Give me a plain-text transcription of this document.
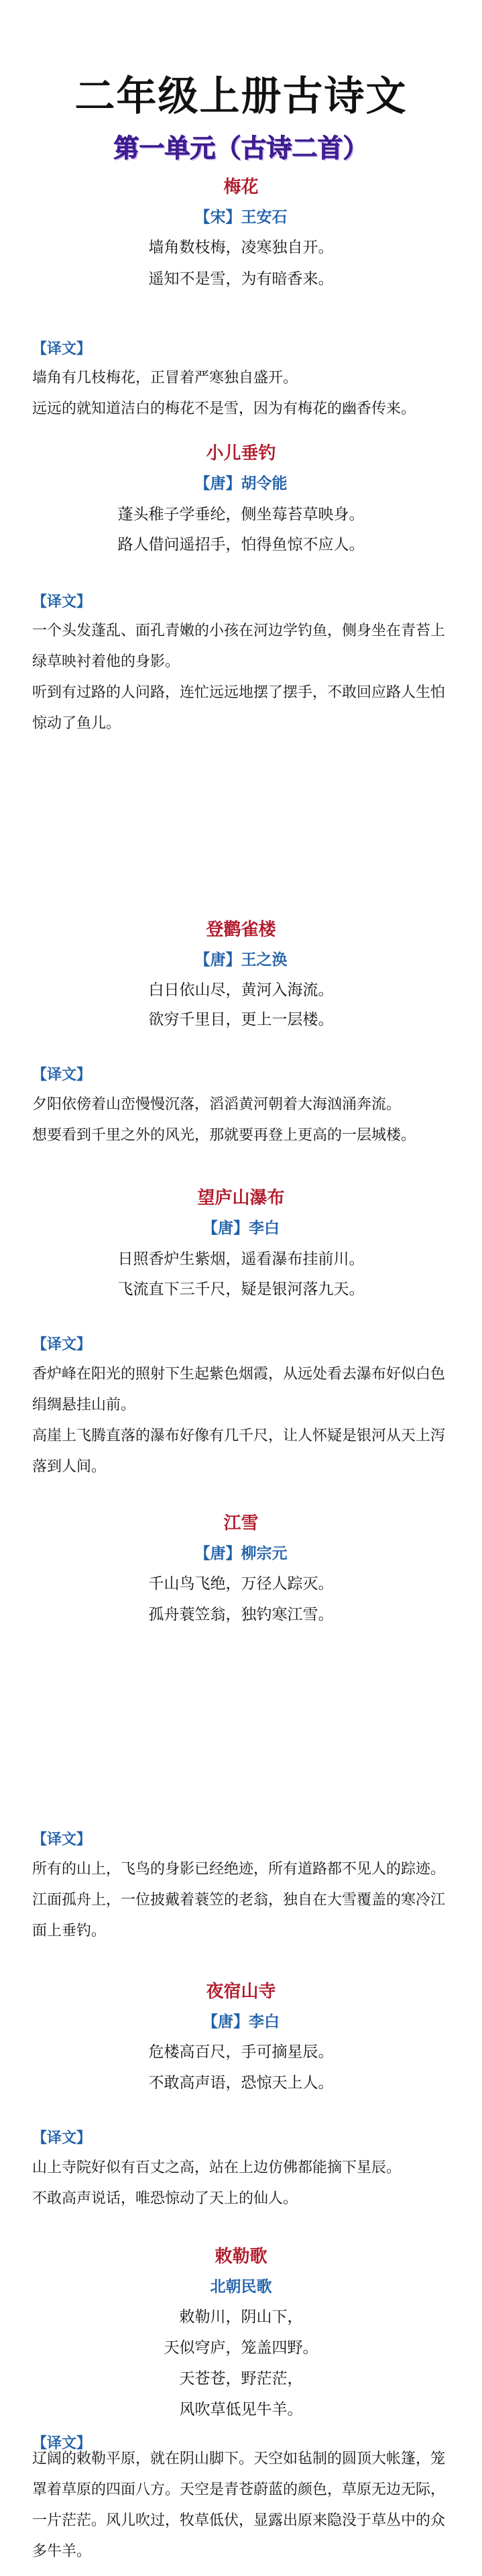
二年级上册古诗文
第一单元（古诗二首）
梅花
【宋】王安石
墙角数枝梅，凌寒独自开。
遥知不是雪，为有暗香来。
【译文】
墙角有几枝梅花，正冒着严寒独自盛开。
远远的就知道洁白的梅花不是雪，因为有梅花的幽香传来。
小儿垂钓
【唐】胡令能
蓬头稚子学垂纶，侧坐莓苔草映身。
路人借问遥招手，怕得鱼惊不应人。
【译文】
一个头发蓬乱、面孔青嫩的小孩在河边学钓鱼，侧身坐在青苔上绿草映衬着他的身影。
听到有过路的人问路，连忙远远地摆了摆手，不敢回应路人生怕惊动了鱼儿。
登鹳雀楼
【唐】王之涣
白日依山尽，黄河入海流。
欲穷千里目，更上一层楼。
【译文】
夕阳依傍着山峦慢慢沉落，滔滔黄河朝着大海汹涌奔流。
想要看到千里之外的风光，那就要再登上更高的一层城楼。
望庐山瀑布
【唐】李白
日照香炉生紫烟，遥看瀑布挂前川。
飞流直下三千尺，疑是银河落九天。
【译文】
香炉峰在阳光的照射下生起紫色烟霞，从远处看去瀑布好似白色绢绸悬挂山前。
高崖上飞腾直落的瀑布好像有几千尺，让人怀疑是银河从天上泻落到人间。
江雪
【唐】柳宗元
千山鸟飞绝，万径人踪灭。
孤舟蓑笠翁，独钓寒江雪。
【译文】
所有的山上，飞鸟的身影已经绝迹，所有道路都不见人的踪迹。江面孤舟上，一位披戴着蓑笠的老翁，独自在大雪覆盖的寒冷江面上垂钓。
夜宿山寺
【唐】李白
危楼高百尺，手可摘星辰。
不敢高声语，恐惊天上人。
【译文】
山上寺院好似有百丈之高，站在上边仿佛都能摘下星辰。
不敢高声说话，唯恐惊动了天上的仙人。
敕勒歌
北朝民歌
敕勒川，阴山下，
天似穹庐，笼盖四野。
天苍苍，野茫茫，
风吹草低见牛羊。
【译文】
辽阔的敕勒平原，就在阴山脚下。天空如毡制的圆顶大帐篷，笼罩着草原的四面八方。天空是青苍蔚蓝的颜色，草原无边无际，一片茫茫。风儿吹过，牧草低伏，显露出原来隐没于草丛中的众多牛羊。
